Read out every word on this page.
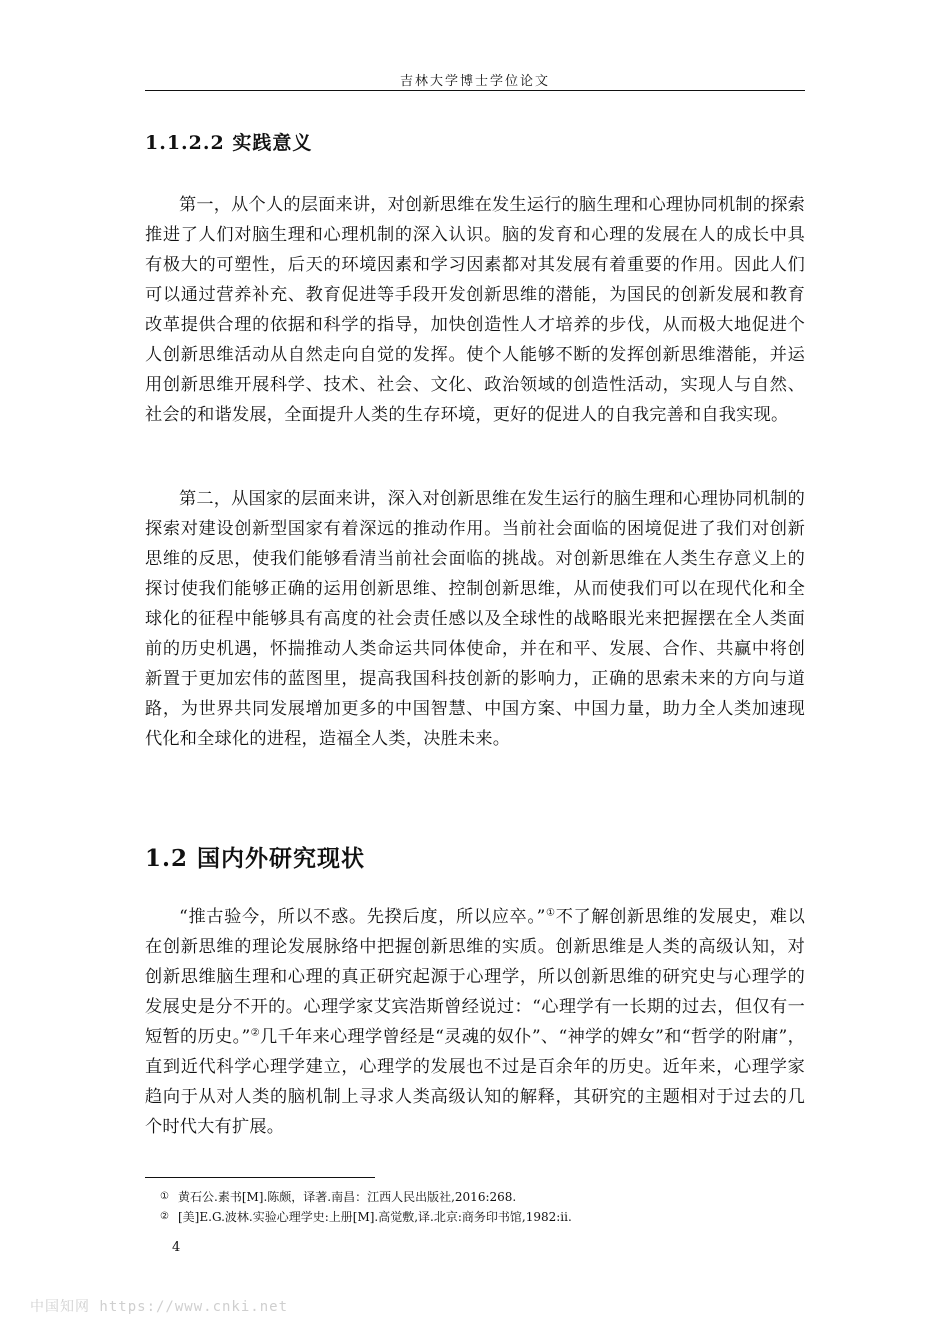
吉林大学博士学位论文
1.1.2.2 实践意义

第一，从个人的层面来讲，对创新思维在发生运行的脑生理和心理协同机制的探索推进了人们对脑生理和心理机制的深入认识。脑的发育和心理的发展在人的成长中具有极大的可塑性，后天的环境因素和学习因素都对其发展有着重要的作用。因此人们可以通过营养补充、教育促进等手段开发创新思维的潜能，为国民的创新发展和教育改革提供合理的依据和科学的指导，加快创造性人才培养的步伐，从而极大地促进个人创新思维活动从自然走向自觉的发挥。使个人能够不断的发挥创新思维潜能，并运用创新思维开展科学、技术、社会、文化、政治领域的创造性活动，实现人与自然、社会的和谐发展，全面提升人类的生存环境，更好的促进人的自我完善和自我实现。

第二，从国家的层面来讲，深入对创新思维在发生运行的脑生理和心理协同机制的探索对建设创新型国家有着深远的推动作用。当前社会面临的困境促进了我们对创新思维的反思，使我们能够看清当前社会面临的挑战。对创新思维在人类生存意义上的探讨使我们能够正确的运用创新思维、控制创新思维，从而使我们可以在现代化和全球化的征程中能够具有高度的社会责任感以及全球性的战略眼光来把握摆在全人类面前的历史机遇，怀揣推动人类命运共同体使命，并在和平、发展、合作、共赢中将创新置于更加宏伟的蓝图里，提高我国科技创新的影响力，正确的思索未来的方向与道路，为世界共同发展增加更多的中国智慧、中国方案、中国力量，助力全人类加速现代化和全球化的进程，造福全人类，决胜未来。

1.2 国内外研究现状

“推古验今，所以不惑。先揆后度，所以应卒。”①不了解创新思维的发展史，难以在创新思维的理论发展脉络中把握创新思维的实质。创新思维是人类的高级认知，对创新思维脑生理和心理的真正研究起源于心理学，所以创新思维的研究史与心理学的发展史是分不开的。心理学家艾宾浩斯曾经说过：“心理学有一长期的过去，但仅有一短暂的历史。”②几千年来心理学曾经是“灵魂的奴仆”、“神学的婢女”和“哲学的附庸”，直到近代科学心理学建立，心理学的发展也不过是百余年的历史。近年来，心理学家趋向于从对人类的脑机制上寻求人类高级认知的解释，其研究的主题相对于过去的几个时代大有扩展。

① 黄石公.素书[M].陈颇，译著.南昌：江西人民出版社,2016:268.
② [美]E.G.波林.实验心理学史:上册[M].高觉敷,译.北京:商务印书馆,1982:ii.
4
中国知网 https://www.cnki.net
